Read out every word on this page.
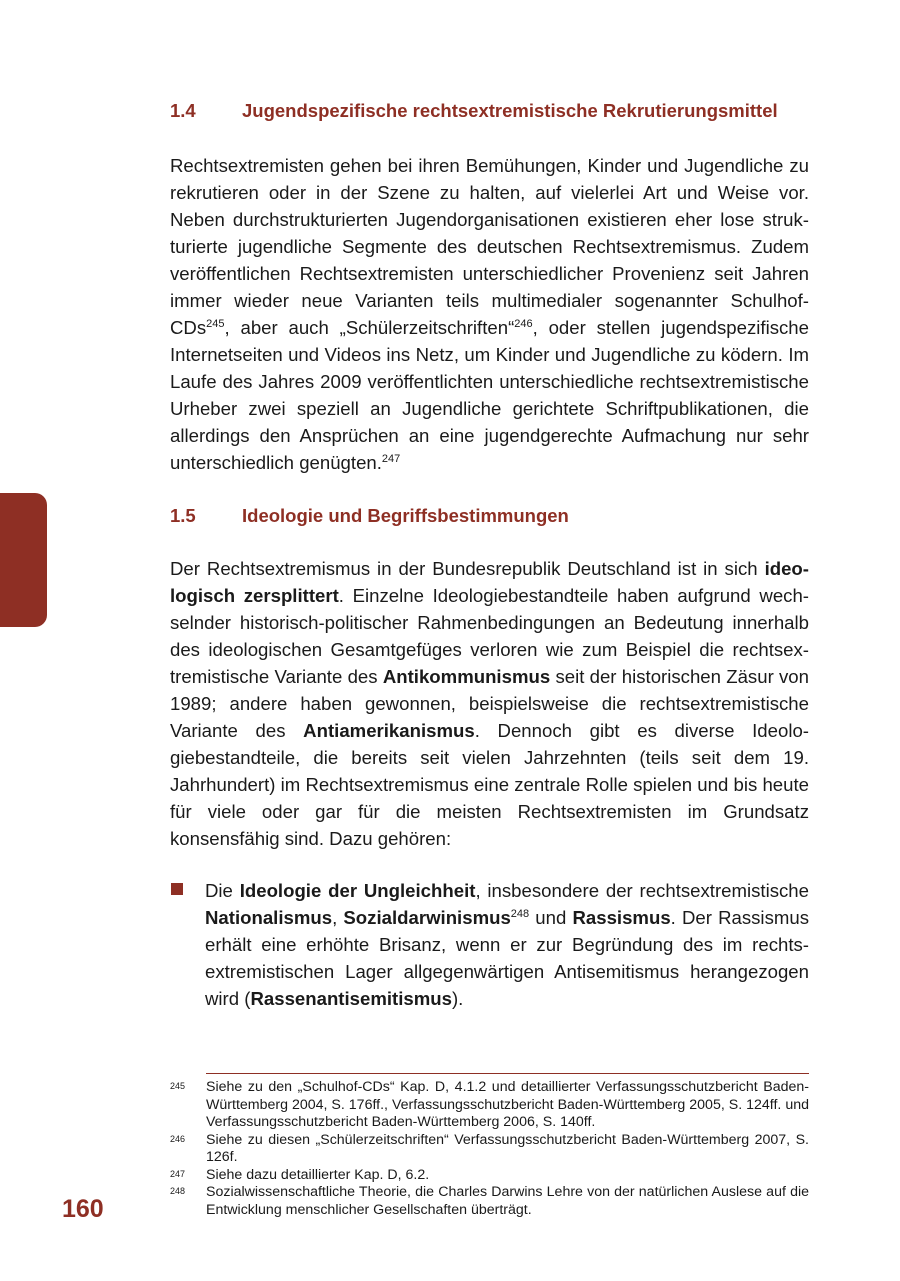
1.4	Jugendspezifische rechtsextremistische Rekrutierungsmittel

Rechtsextremisten gehen bei ihren Bemühungen, Kinder und Jugendliche zu rekrutieren oder in der Szene zu halten, auf vielerlei Art und Weise vor. Neben durchstrukturierten Jugendorganisationen existieren eher lose strukturierte jugendliche Segmente des deutschen Rechtsextremismus. Zudem veröffentlichen Rechtsextremisten unterschiedlicher Provenienz seit Jahren immer wieder neue Varianten teils multimedialer sogenannter Schulhof-CDs$^{245}$, aber auch „Schülerzeitschriften“$^{246}$, oder stellen jugendspezifische Internetseiten und Videos ins Netz, um Kinder und Jugendliche zu ködern. Im Laufe des Jahres 2009 veröffentlichten unterschiedliche rechtsextremistische Urheber zwei speziell an Jugendliche gerichtete Schriftpublikationen, die allerdings den Ansprüchen an eine jugendgerechte Aufmachung nur sehr unterschiedlich genügten.$^{247}$

1.5	Ideologie und Begriffsbestimmungen

Der Rechtsextremismus in der Bundesrepublik Deutschland ist in sich ideologisch zersplittert. Einzelne Ideologiebestandteile haben aufgrund wechselnder historisch-politischer Rahmenbedingungen an Bedeutung innerhalb des ideologischen Gesamtgefüges verloren wie zum Beispiel die rechtsextremistische Variante des Antikommunismus seit der historischen Zäsur von 1989; andere haben gewonnen, beispielsweise die rechtsextremistische Variante des Antiamerikanismus. Dennoch gibt es diverse Ideologiebestandteile, die bereits seit vielen Jahrzehnten (teils seit dem 19. Jahrhundert) im Rechtsextremismus eine zentrale Rolle spielen und bis heute für viele oder gar für die meisten Rechtsextremisten im Grundsatz konsensfähig sind. Dazu gehören:

Die Ideologie der Ungleichheit, insbesondere der rechtsextremistische Nationalismus, Sozialdarwinismus$^{248}$ und Rassismus. Der Rassismus erhält eine erhöhte Brisanz, wenn er zur Begründung des im rechtsextremistischen Lager allgegenwärtigen Antisemitismus herangezogen wird (Rassenantisemitismus).
245	Siehe zu den „Schulhof-CDs“ Kap. D, 4.1.2 und detaillierter Verfassungsschutzbericht Baden-Württemberg 2004, S. 176ff., Verfassungsschutzbericht Baden-Württemberg 2005, S. 124ff. und Verfassungsschutzbericht Baden-Württemberg 2006, S. 140ff.
246	Siehe zu diesen „Schülerzeitschriften“ Verfassungsschutzbericht Baden-Württemberg 2007, S. 126f.
247	Siehe dazu detaillierter Kap. D, 6.2.
248	Sozialwissenschaftliche Theorie, die Charles Darwins Lehre von der natürlichen Auslese auf die Entwicklung menschlicher Gesellschaften überträgt.
160
